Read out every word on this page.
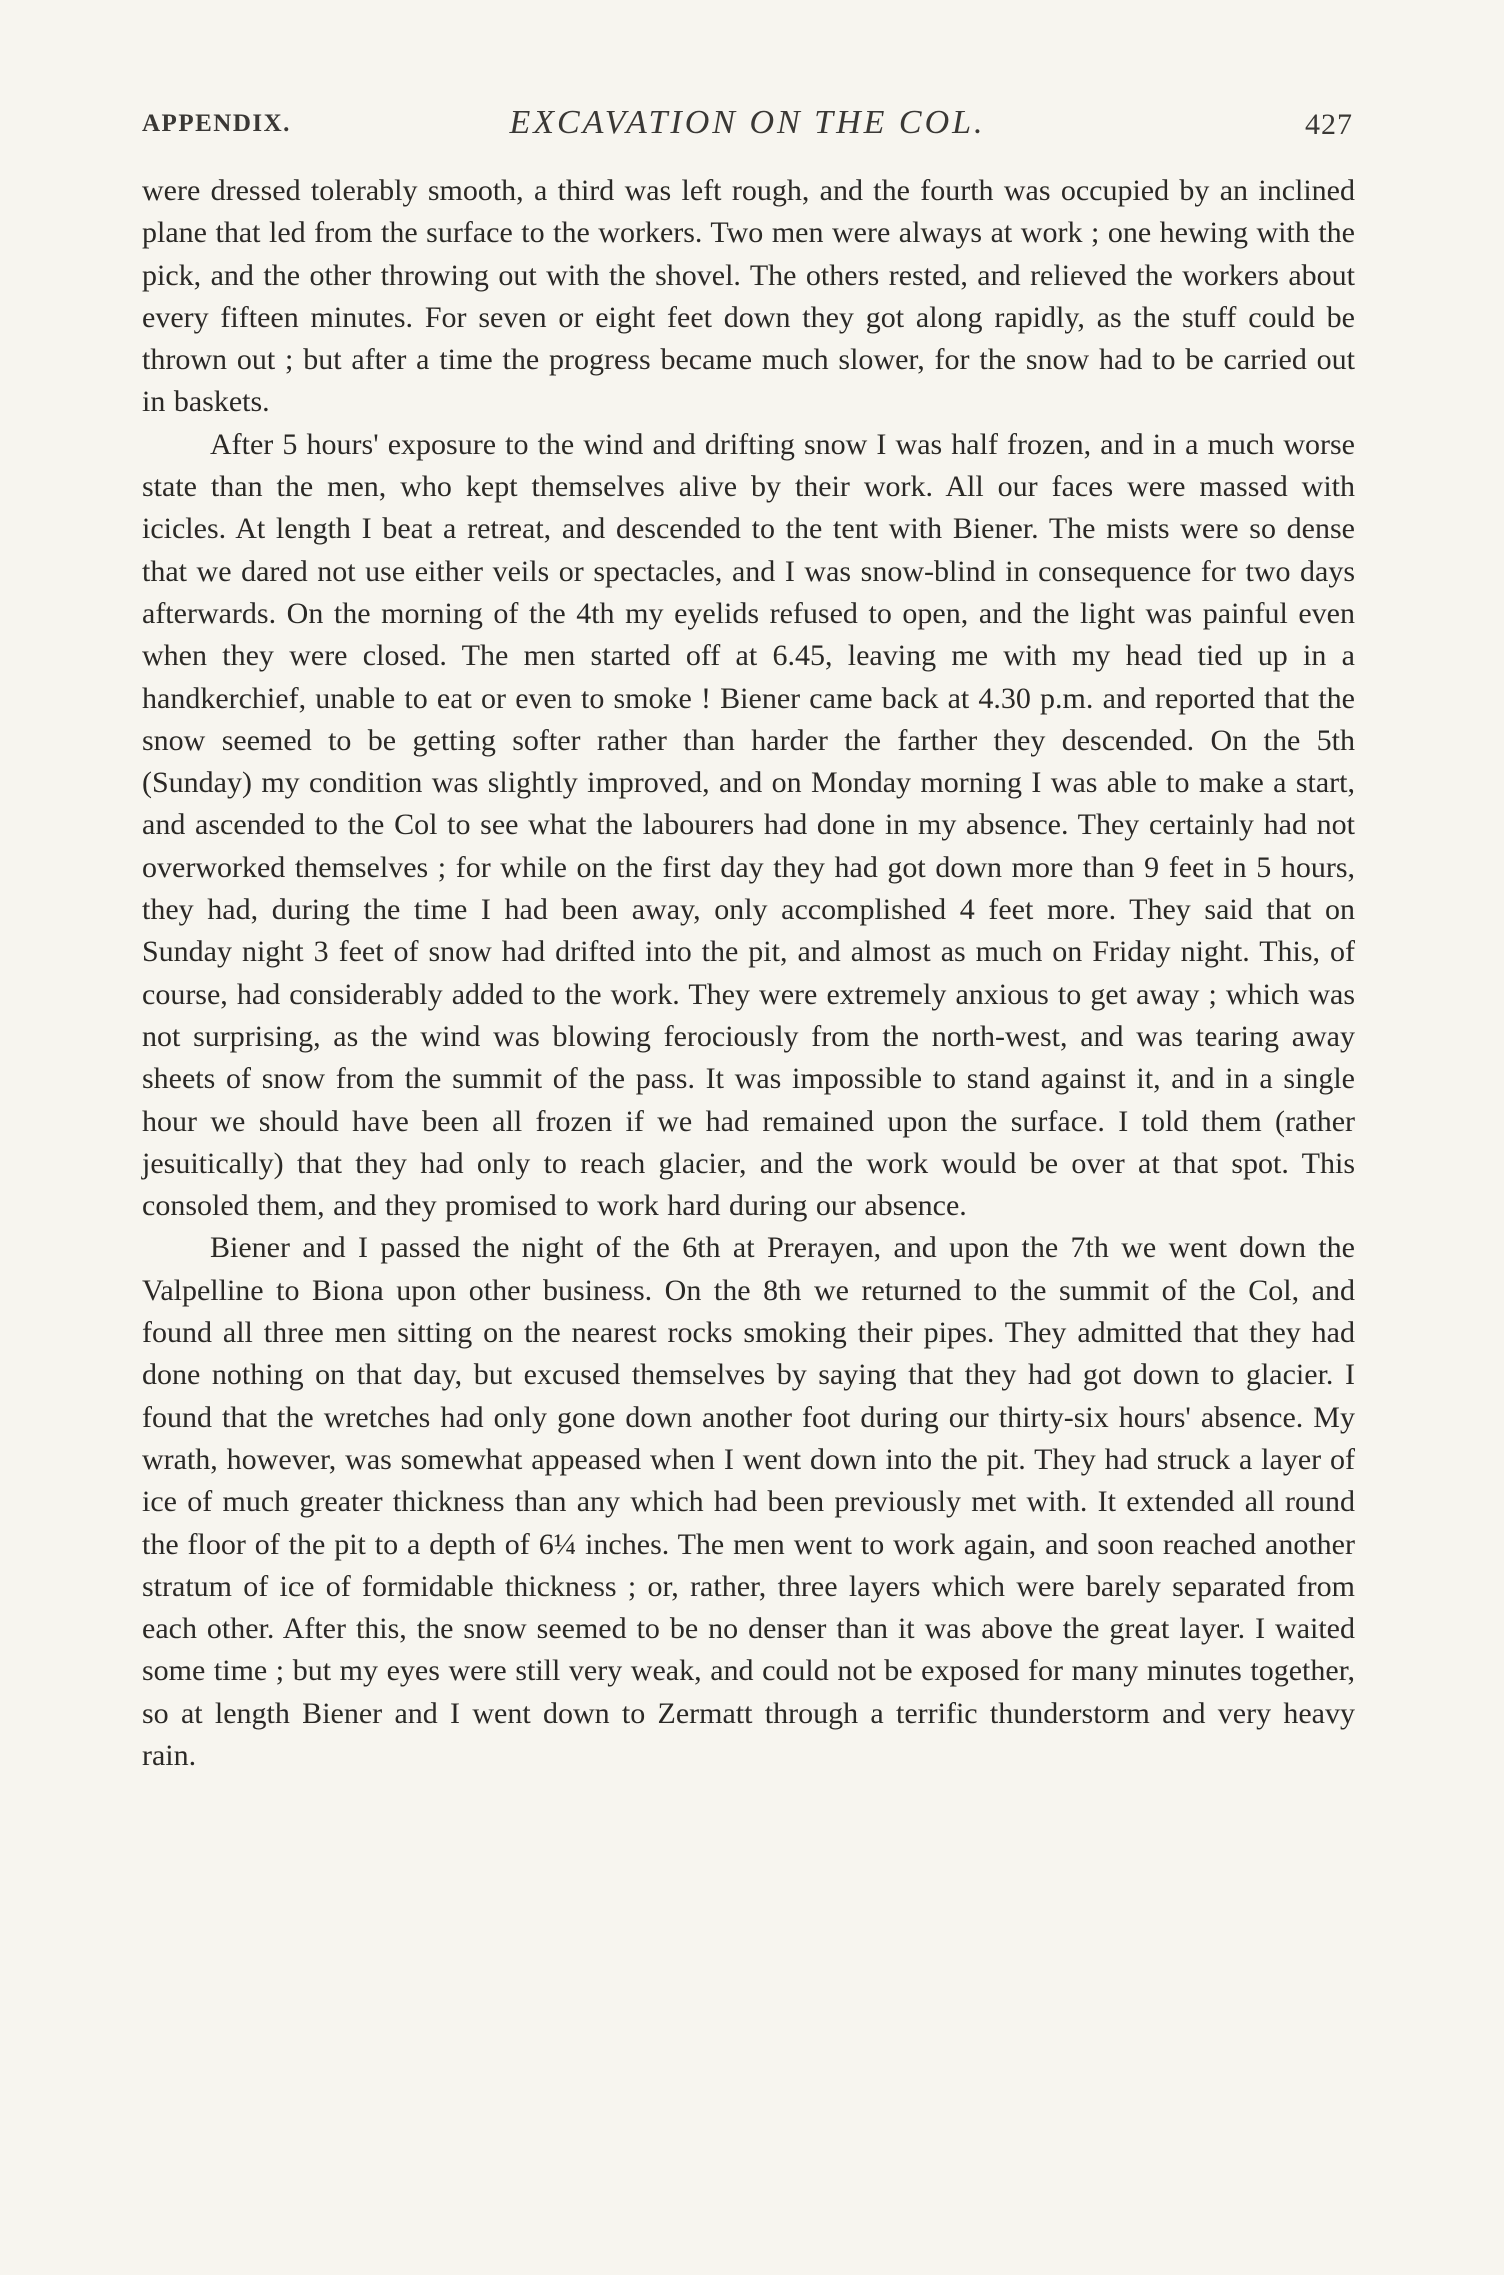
APPENDIX.	EXCAVATION ON THE COL.	427

were dressed tolerably smooth, a third was left rough, and the fourth was occupied by an inclined plane that led from the surface to the workers. Two men were always at work ; one hewing with the pick, and the other throwing out with the shovel. The others rested, and relieved the workers about every fifteen minutes. For seven or eight feet down they got along rapidly, as the stuff could be thrown out ; but after a time the progress became much slower, for the snow had to be carried out in baskets.

After 5 hours' exposure to the wind and drifting snow I was half frozen, and in a much worse state than the men, who kept themselves alive by their work. All our faces were massed with icicles. At length I beat a retreat, and descended to the tent with Biener. The mists were so dense that we dared not use either veils or spectacles, and I was snow-blind in consequence for two days afterwards. On the morning of the 4th my eyelids refused to open, and the light was painful even when they were closed. The men started off at 6.45, leaving me with my head tied up in a handkerchief, unable to eat or even to smoke ! Biener came back at 4.30 p.m. and reported that the snow seemed to be getting softer rather than harder the farther they descended. On the 5th (Sunday) my condition was slightly improved, and on Monday morning I was able to make a start, and ascended to the Col to see what the labourers had done in my absence. They certainly had not overworked themselves ; for while on the first day they had got down more than 9 feet in 5 hours, they had, during the time I had been away, only accomplished 4 feet more. They said that on Sunday night 3 feet of snow had drifted into the pit, and almost as much on Friday night. This, of course, had considerably added to the work. They were extremely anxious to get away ; which was not surprising, as the wind was blowing ferociously from the north-west, and was tearing away sheets of snow from the summit of the pass. It was impossible to stand against it, and in a single hour we should have been all frozen if we had remained upon the surface. I told them (rather jesuitically) that they had only to reach glacier, and the work would be over at that spot. This consoled them, and they promised to work hard during our absence.

Biener and I passed the night of the 6th at Prerayen, and upon the 7th we went down the Valpelline to Biona upon other business. On the 8th we returned to the summit of the Col, and found all three men sitting on the nearest rocks smoking their pipes. They admitted that they had done nothing on that day, but excused themselves by saying that they had got down to glacier. I found that the wretches had only gone down another foot during our thirty-six hours' absence. My wrath, however, was somewhat appeased when I went down into the pit. They had struck a layer of ice of much greater thickness than any which had been previously met with. It extended all round the floor of the pit to a depth of 6¼ inches. The men went to work again, and soon reached another stratum of ice of formidable thickness ; or, rather, three layers which were barely separated from each other. After this, the snow seemed to be no denser than it was above the great layer. I waited some time ; but my eyes were still very weak, and could not be exposed for many minutes together, so at length Biener and I went down to Zermatt through a terrific thunderstorm and very heavy rain.
